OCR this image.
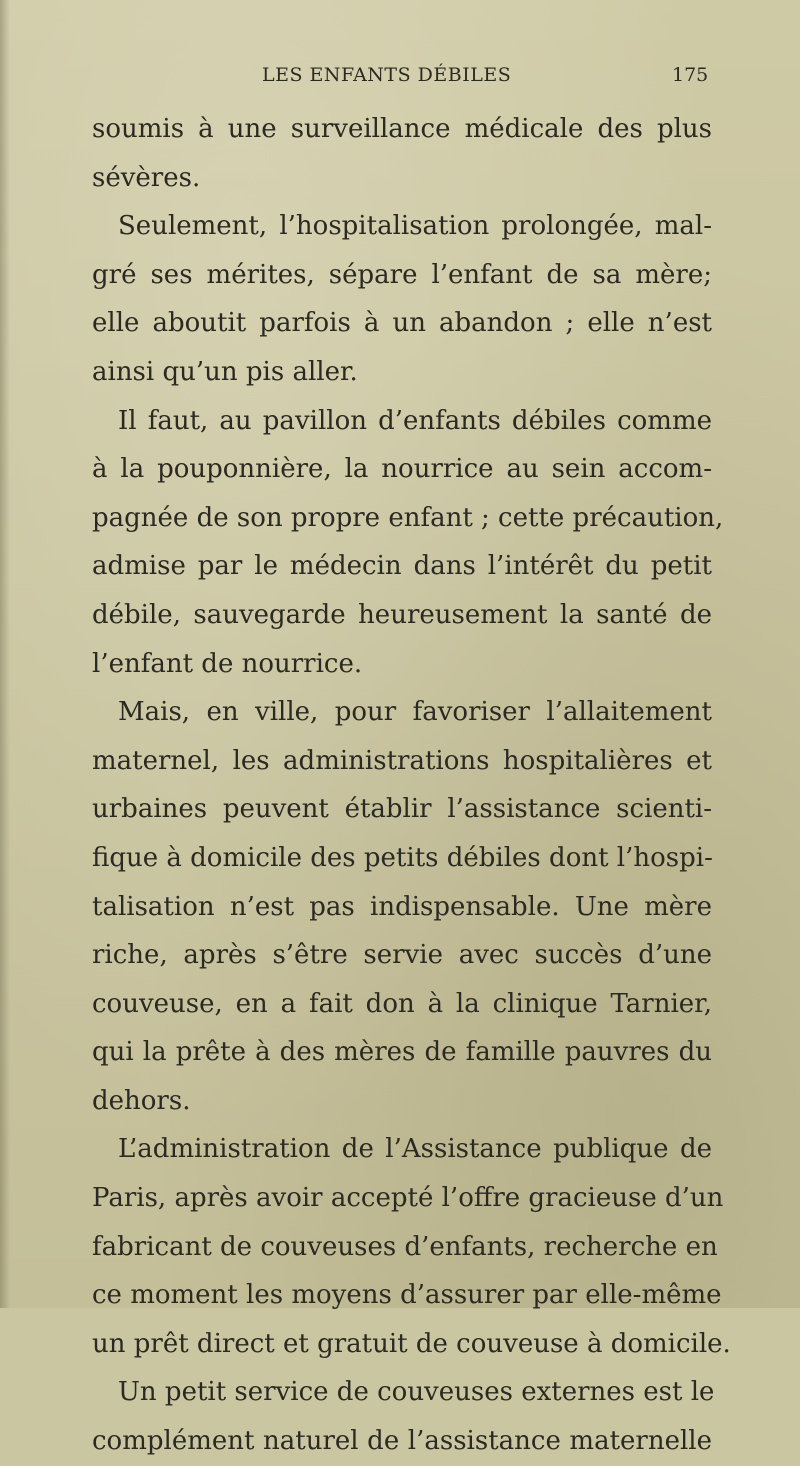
LES ENFANTS DÉBILES	175
soumis à une surveillance médicale des plus
sévères.
Seulement, l’hospitalisation prolongée, mal-
gré ses mérites, sépare l’enfant de sa mère;
elle aboutit parfois à un abandon ; elle n’est
ainsi qu’un pis aller.
Il faut, au pavillon d’enfants débiles comme
à la pouponnière, la nourrice au sein accom-
pagnée de son propre enfant ; cette précaution,
admise par le médecin dans l’intérêt du petit
débile, sauvegarde heureusement la santé de
l’enfant de nourrice.
Mais, en ville, pour favoriser l’allaitement
maternel, les administrations hospitalières et
urbaines peuvent établir l’assistance scienti-
fique à domicile des petits débiles dont l’hospi-
talisation n’est pas indispensable. Une mère
riche, après s’être servie avec succès d’une
couveuse, en a fait don à la clinique Tarnier,
qui la prête à des mères de famille pauvres du
dehors.
L’administration de l’Assistance publique de
Paris, après avoir accepté l’offre gracieuse d’un
fabricant de couveuses d’enfants, recherche en
ce moment les moyens d’assurer par elle-même
un prêt direct et gratuit de couveuse à domicile.
Un petit service de couveuses externes est le
complément naturel de l’assistance maternelle
